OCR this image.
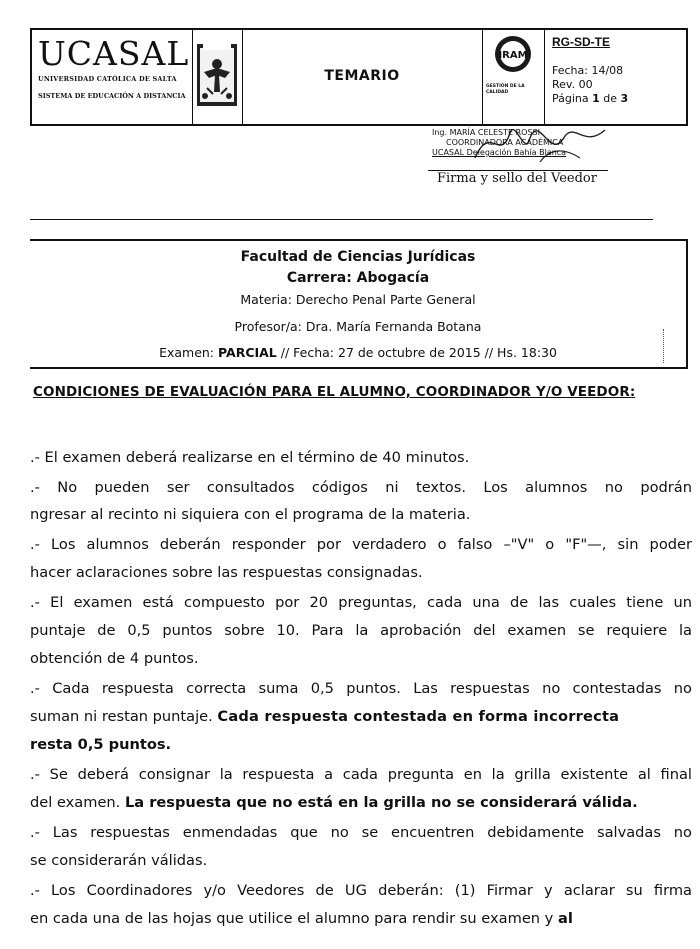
UCASAL
UNIVERSIDAD CATÓLICA DE SALTA
SISTEMA DE EDUCACIÓN A DISTANCIA
TEMARIO
IRAM
GESTIÓN DE LA CALIDAD
RG-SD-TE
Fecha: 14/08
Rev. 00
Página 1 de 3
Ing. MARÍA CELESTE ROSSI
COORDINADORA ACADÉMICA
UCASAL Delegación Bahía Blanca
Firma y sello del Veedor
Facultad de Ciencias Jurídicas
Carrera: Abogacía
Materia: Derecho Penal Parte General
Profesor/a: Dra. María Fernanda Botana
Examen: PARCIAL // Fecha: 27 de octubre de 2015 // Hs. 18:30
CONDICIONES DE EVALUACIÓN PARA EL ALUMNO, COORDINADOR Y/O VEEDOR:
.- El examen deberá realizarse en el término de 40 minutos.
.- No pueden ser consultados códigos ni textos. Los alumnos no podrán
ngresar al recinto ni siquiera con el programa de la materia.
.- Los alumnos deberán responder por verdadero o falso –"V" o "F"—, sin poder
hacer aclaraciones sobre las respuestas consignadas.
.- El examen está compuesto por 20 preguntas, cada una de las cuales tiene un
puntaje de 0,5 puntos sobre 10. Para la aprobación del examen se requiere la
obtención de 4 puntos.
.- Cada respuesta correcta suma 0,5 puntos. Las respuestas no contestadas no
suman ni restan puntaje. Cada respuesta contestada en forma incorrecta
resta 0,5 puntos.
.- Se deberá consignar la respuesta a cada pregunta en la grilla existente al final
del examen. La respuesta que no está en la grilla no se considerará válida.
.- Las respuestas enmendadas que no se encuentren debidamente salvadas no
se considerarán válidas.
.- Los Coordinadores y/o Veedores de UG deberán: (1) Firmar y aclarar su firma
en cada una de las hojas que utilice el alumno para rendir su examen y al
